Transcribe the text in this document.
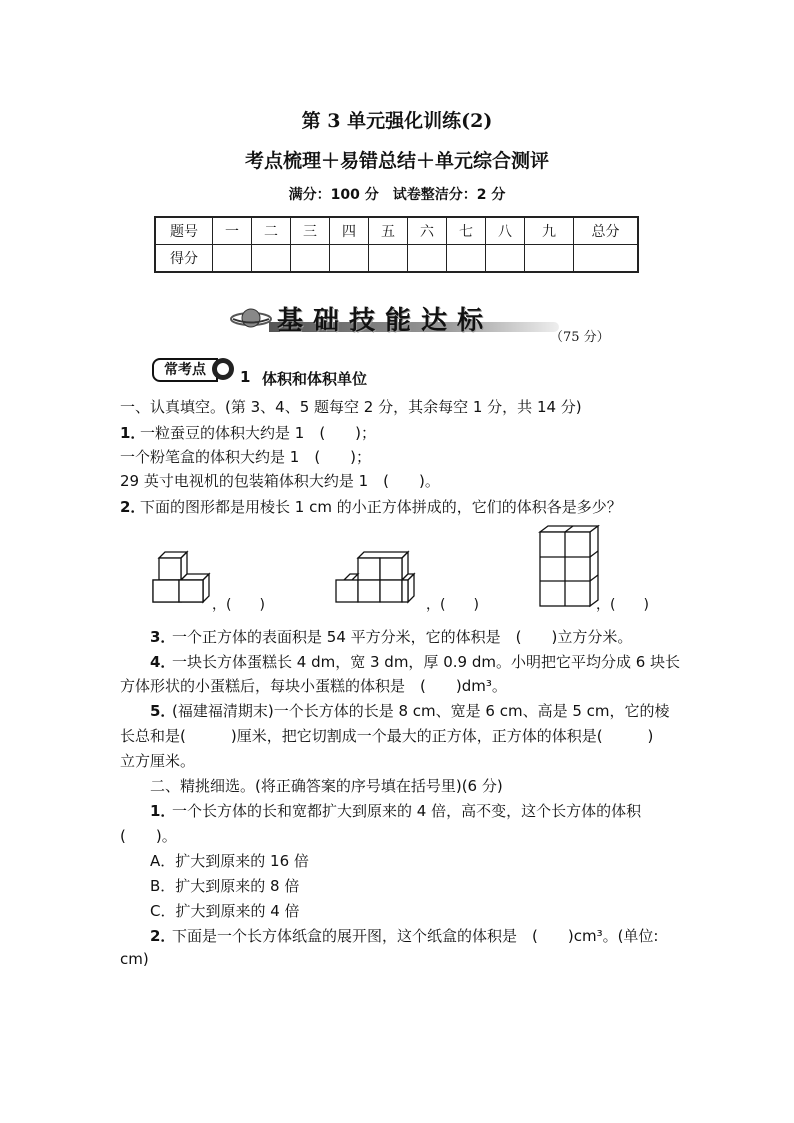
第 3 单元强化训练(2)
考点梳理＋易错总结＋单元综合测评
满分：100 分　试卷整洁分：2 分
题号	一	二	三	四	五	六	七	八	九	总分
得分										
基础技能达标
（75 分）
常考点	1 体积和体积单位
一、认真填空。(第 3、4、5 题每空 2 分，其余每空 1 分，共 14 分)
1．
一粒蚕豆的体积大约是 1　(　　)；
一个粉笔盒的体积大约是 1　(　　)；
29 英寸电视机的包装箱体积大约是 1　(　　)。
2．
下面的图形都是用棱长 1 cm 的小正方体拼成的，它们的体积各是多少？
，(　　)	，(　　)	，(　　)
3．
一个正方体的表面积是 54 平方分米，它的体积是　(　　)立方分米。
4．
一块长方体蛋糕长 4 dm，宽 3 dm，厚 0.9 dm。小明把它平均分成 6 块长
方体形状的小蛋糕后，每块小蛋糕的体积是　(　　)dm³。
5．
(福建福清期末)一个长方体的长是 8 cm、宽是 6 cm、高是 5 cm，它的棱
长总和是(　　　)厘米，把它切割成一个最大的正方体，正方体的体积是(　　　)
立方厘米。
二、精挑细选。(将正确答案的序号填在括号里)(6 分)
1．
一个长方体的长和宽都扩大到原来的 4 倍，高不变，这个长方体的体积
(　　)。
A．扩大到原来的 16 倍
B．扩大到原来的 8 倍
C．扩大到原来的 4 倍
2．
下面是一个长方体纸盒的展开图，这个纸盒的体积是　(　　)cm³。(单位:
cm)
